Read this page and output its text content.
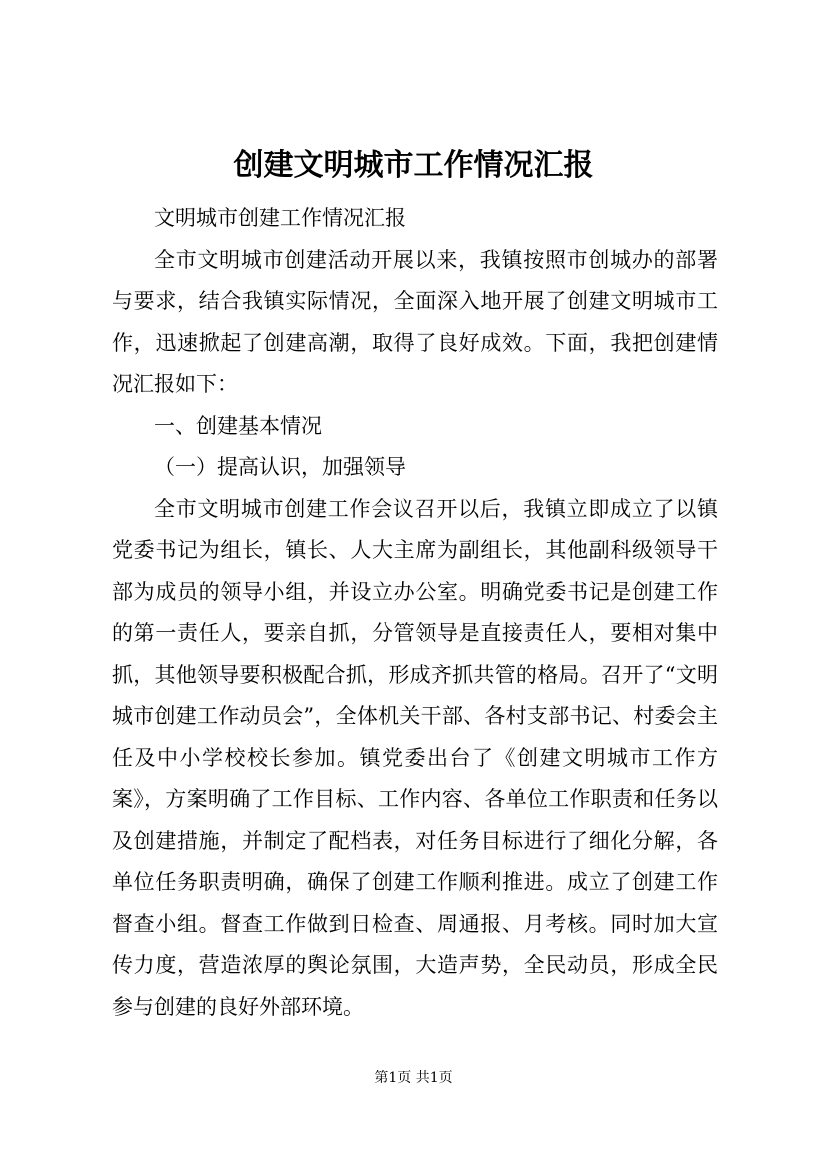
创建文明城市工作情况汇报

文明城市创建工作情况汇报

全市文明城市创建活动开展以来，我镇按照市创城办的部署与要求，结合我镇实际情况，全面深入地开展了创建文明城市工作，迅速掀起了创建高潮，取得了良好成效。下面，我把创建情况汇报如下：

一、创建基本情况

（一）提高认识，加强领导

全市文明城市创建工作会议召开以后，我镇立即成立了以镇党委书记为组长，镇长、人大主席为副组长，其他副科级领导干部为成员的领导小组，并设立办公室。明确党委书记是创建工作的第一责任人，要亲自抓，分管领导是直接责任人，要相对集中抓，其他领导要积极配合抓，形成齐抓共管的格局。召开了“文明城市创建工作动员会”，全体机关干部、各村支部书记、村委会主任及中小学校校长参加。镇党委出台了《创建文明城市工作方案》，方案明确了工作目标、工作内容、各单位工作职责和任务以及创建措施，并制定了配档表，对任务目标进行了细化分解，各单位任务职责明确，确保了创建工作顺利推进。成立了创建工作督查小组。督查工作做到日检查、周通报、月考核。同时加大宣传力度，营造浓厚的舆论氛围，大造声势，全民动员，形成全民参与创建的良好外部环境。

第1页 共1页
